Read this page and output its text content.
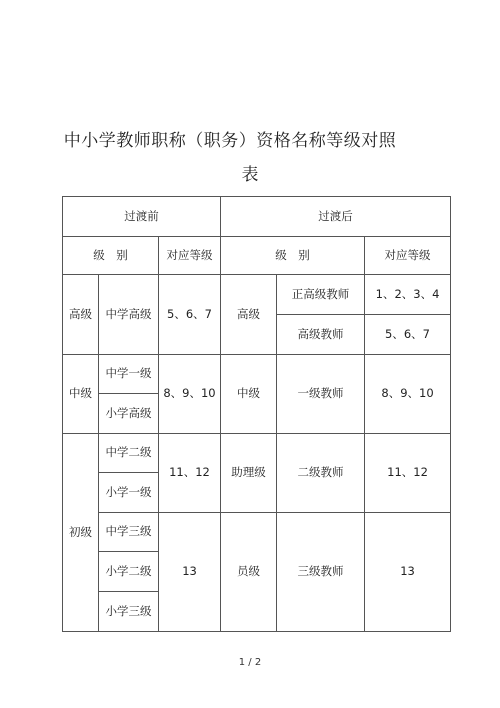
中小学教师职称（职务）资格名称等级对照
表
过渡前			过渡后		
级　别		对应等级	级　别		对应等级
高级	中学高级	5、6、7	高级	正高级教师	1、2、3、4
				高级教师	5、6、7
中级	中学一级	8、9、10	中级	一级教师	8、9、10
	小学高级				
初级	中学二级	11、12	助理级	二级教师	11、12
	小学一级				
	中学三级	13	员级	三级教师	13
	小学二级				
	小学三级				
1 / 2
